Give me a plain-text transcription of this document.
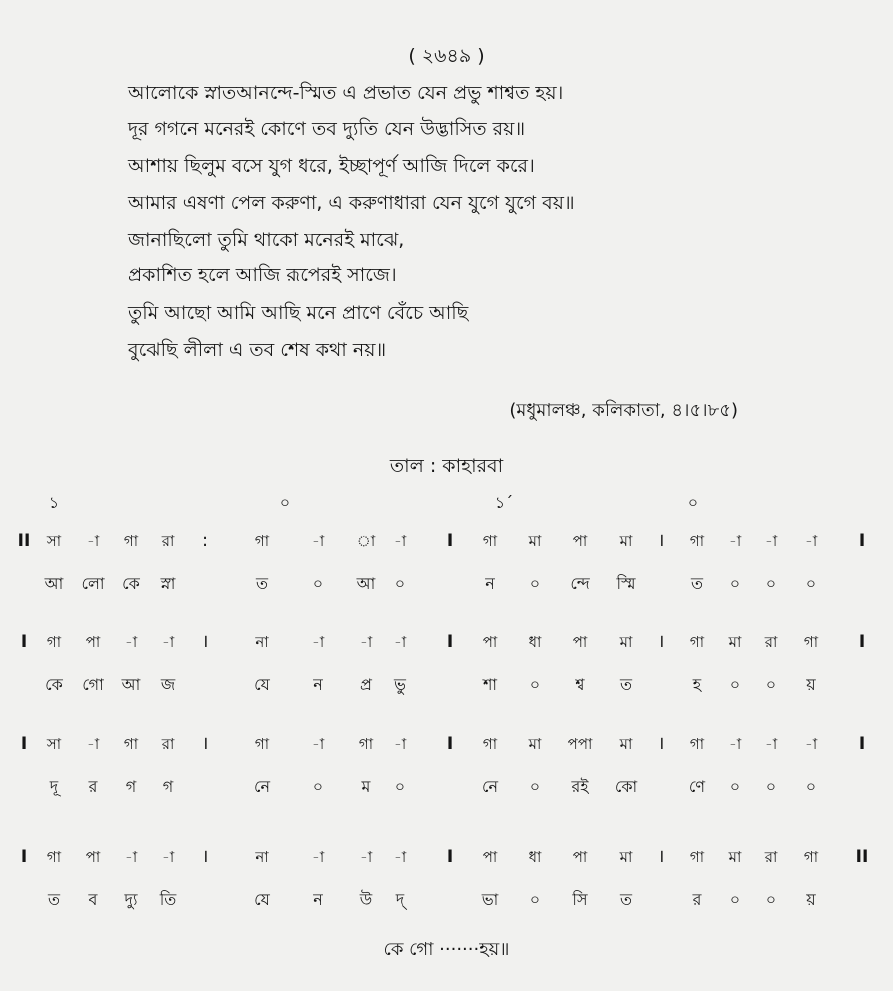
( ২৬৪৯ )
আলোকে স্নাতআনন্দে-স্মিত এ প্রভাত যেন প্রভু শাশ্বত হয়।
দূর গগনে মনেরই কোণে তব দ্যুতি যেন উদ্ভাসিত রয়॥
আশায় ছিলুম বসে যুগ ধরে, ইচ্ছাপূর্ণ আজি দিলে করে।
আমার এষণা পেল করুণা, এ করুণাধারা যেন যুগে যুগে বয়॥
জানাছিলো তুমি থাকো মনেরই মাঝে,
প্রকাশিত হলে আজি রূপেরই সাজে।
তুমি আছো আমি আছি মনে প্রাণে বেঁচে আছি
বুঝেছি লীলা এ তব শেষ কথা নয়॥
(মধুমালঞ্চ, কলিকাতা, ৪।৫।৮৫)
তাল : কাহারবা
১	০	১´	০
II সা -া গা রা :	গা	-া া -া I গা মা পা মা । গা -া -া -া I
আ লো কে স্না	ত	০ আ ০	ন ০ ন্দে স্মি	ত ০ ০ ০
I গা পা -া -া ।	না	-া -া -া I পা ধা পা মা । গা মা রা গা I
কে গো আ জ	যে	ন প্র ভু	শা ০ শ্ব ত	হ ০ ০ য়
I সা -া গা রা ।	গা	-া গা -া I গা মা পপা মা । গা -া -া -া I
দূ র গ গ	নে	০ ম ০	নে ০ রই কো	ণে ০ ০ ০
I গা পা -া -া ।	না	-া -া -া I পা ধা পা মা । গা মা রা গা II
ত ব দ্যু তি	যে	ন উ দ্	ভা ০ সি ত	র ০ ০ য়
কে গো ·······হয়॥
